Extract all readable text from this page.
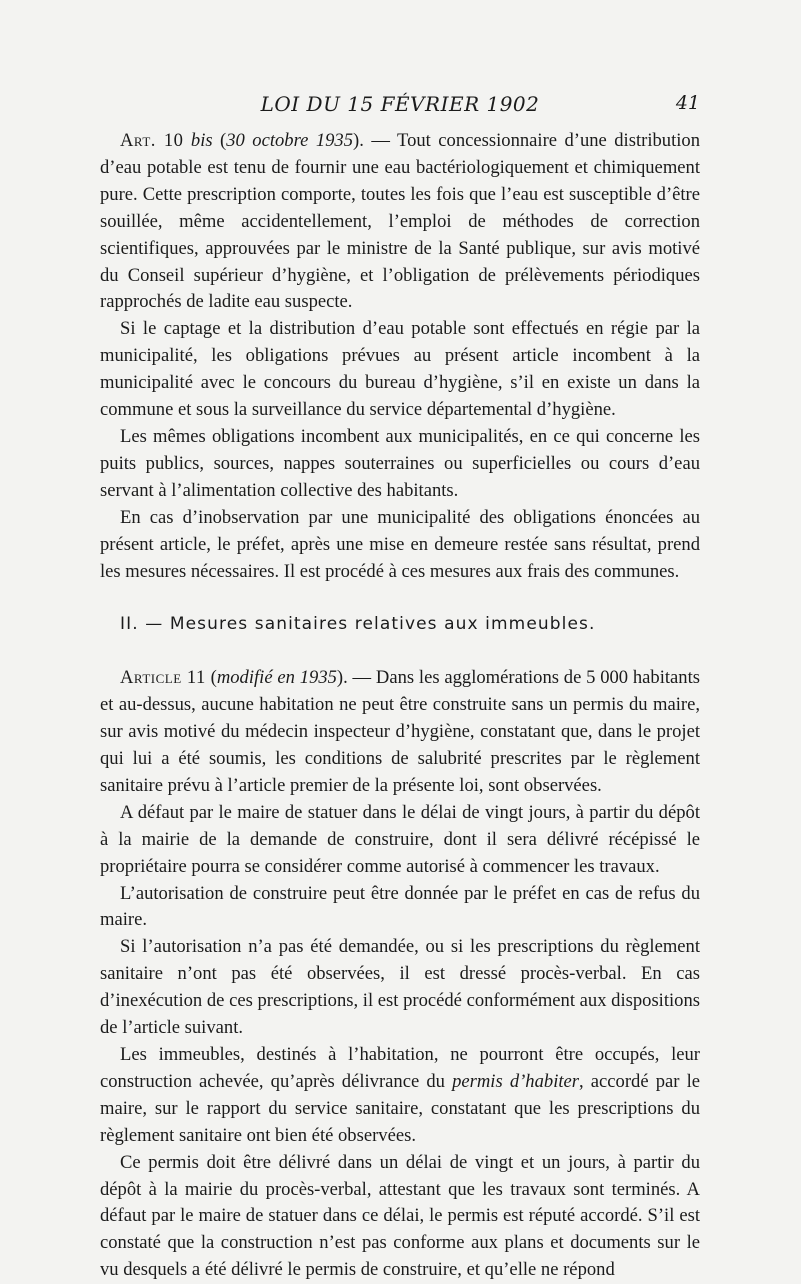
LOI DU 15 FÉVRIER 1902	41

Art. 10 bis (30 octobre 1935). — Tout concessionnaire d’une distribution d’eau potable est tenu de fournir une eau bactériologiquement et chimiquement pure. Cette prescription comporte, toutes les fois que l’eau est susceptible d’être souillée, même accidentellement, l’emploi de méthodes de correction scientifiques, approuvées par le ministre de la Santé publique, sur avis motivé du Conseil supérieur d’hygiène, et l’obligation de prélèvements périodiques rapprochés de ladite eau suspecte.

Si le captage et la distribution d’eau potable sont effectués en régie par la municipalité, les obligations prévues au présent article incombent à la municipalité avec le concours du bureau d’hygiène, s’il en existe un dans la commune et sous la surveillance du service départemental d’hygiène.

Les mêmes obligations incombent aux municipalités, en ce qui concerne les puits publics, sources, nappes souterraines ou superficielles ou cours d’eau servant à l’alimentation collective des habitants.

En cas d’inobservation par une municipalité des obligations énoncées au présent article, le préfet, après une mise en demeure restée sans résultat, prend les mesures nécessaires. Il est procédé à ces mesures aux frais des communes.

II. — Mesures sanitaires relatives aux immeubles.

Article 11 (modifié en 1935). — Dans les agglomérations de 5 000 habitants et au-dessus, aucune habitation ne peut être construite sans un permis du maire, sur avis motivé du médecin inspecteur d’hygiène, constatant que, dans le projet qui lui a été soumis, les conditions de salubrité prescrites par le règlement sanitaire prévu à l’article premier de la présente loi, sont observées.

A défaut par le maire de statuer dans le délai de vingt jours, à partir du dépôt à la mairie de la demande de construire, dont il sera délivré récépissé le propriétaire pourra se considérer comme autorisé à commencer les travaux.

L’autorisation de construire peut être donnée par le préfet en cas de refus du maire.

Si l’autorisation n’a pas été demandée, ou si les prescriptions du règlement sanitaire n’ont pas été observées, il est dressé procès-verbal. En cas d’inexécution de ces prescriptions, il est procédé conformément aux dispositions de l’article suivant.

Les immeubles, destinés à l’habitation, ne pourront être occupés, leur construction achevée, qu’après délivrance du permis d’habiter, accordé par le maire, sur le rapport du service sanitaire, constatant que les prescriptions du règlement sanitaire ont bien été observées.

Ce permis doit être délivré dans un délai de vingt et un jours, à partir du dépôt à la mairie du procès-verbal, attestant que les travaux sont terminés. A défaut par le maire de statuer dans ce délai, le permis est réputé accordé. S’il est constaté que la construction n’est pas conforme aux plans et documents sur le vu desquels a été délivré le permis de construire, et qu’elle ne répond
